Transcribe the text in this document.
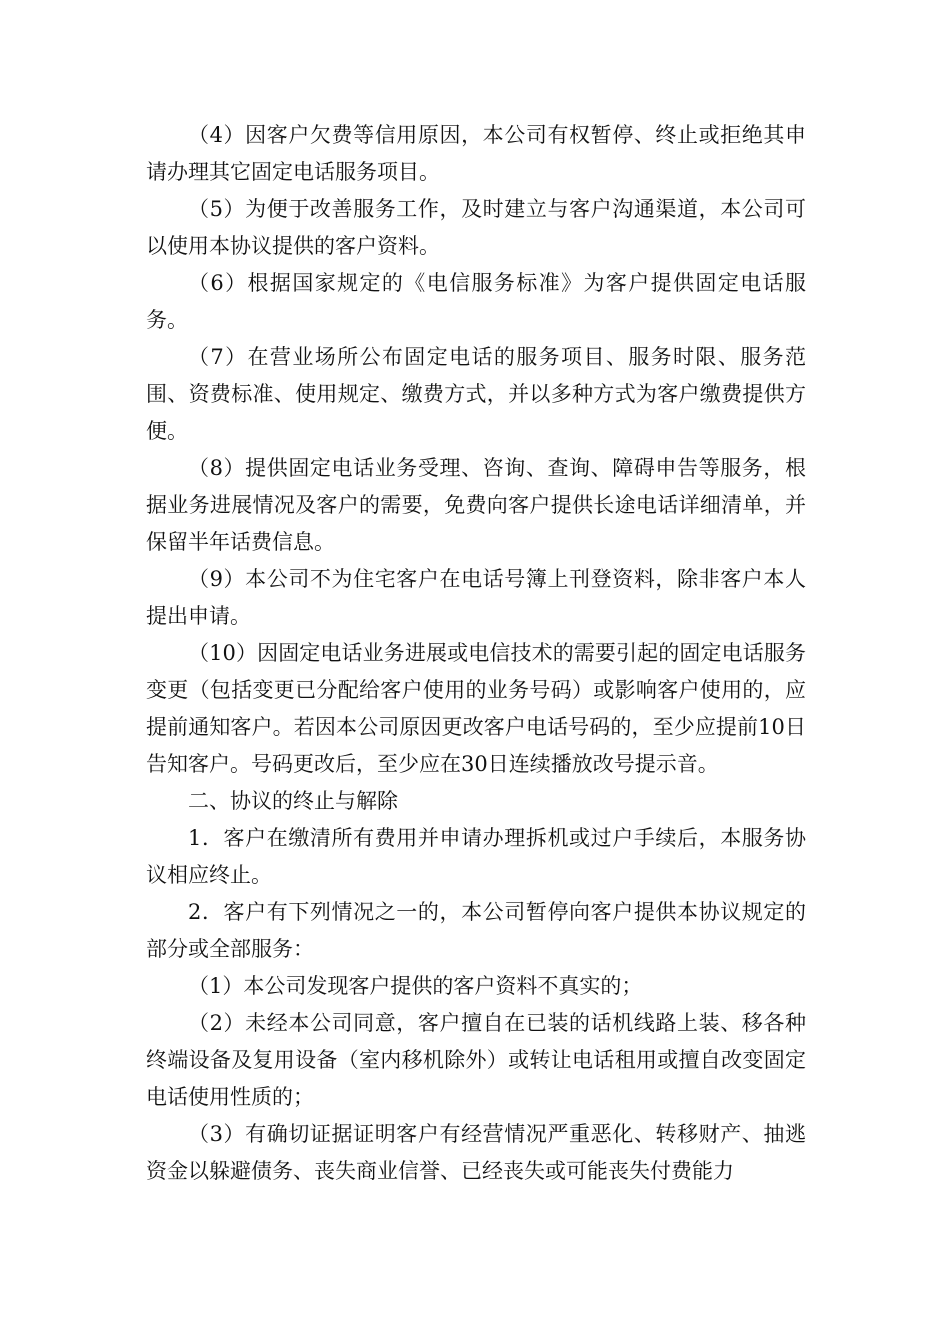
（4）因客户欠费等信用原因，本公司有权暂停、终止或拒绝其申请办理其它固定电话服务项目。

（5）为便于改善服务工作，及时建立与客户沟通渠道，本公司可以使用本协议提供的客户资料。

（6）根据国家规定的《电信服务标准》为客户提供固定电话服务。

（7）在营业场所公布固定电话的服务项目、服务时限、服务范围、资费标准、使用规定、缴费方式，并以多种方式为客户缴费提供方便。

（8）提供固定电话业务受理、咨询、查询、障碍申告等服务，根据业务进展情况及客户的需要，免费向客户提供长途电话详细清单，并保留半年话费信息。

（9）本公司不为住宅客户在电话号簿上刊登资料，除非客户本人提出申请。

（10）因固定电话业务进展或电信技术的需要引起的固定电话服务变更（包括变更已分配给客户使用的业务号码）或影响客户使用的，应提前通知客户。若因本公司原因更改客户电话号码的，至少应提前10日告知客户。号码更改后，至少应在30日连续播放改号提示音。

二、协议的终止与解除

1．客户在缴清所有费用并申请办理拆机或过户手续后，本服务协议相应终止。

2．客户有下列情况之一的，本公司暂停向客户提供本协议规定的部分或全部服务：

（1）本公司发现客户提供的客户资料不真实的；

（2）未经本公司同意，客户擅自在已装的话机线路上装、移各种终端设备及复用设备（室内移机除外）或转让电话租用或擅自改变固定电话使用性质的；

（3）有确切证据证明客户有经营情况严重恶化、转移财产、抽逃资金以躲避债务、丧失商业信誉、已经丧失或可能丧失付费能力
